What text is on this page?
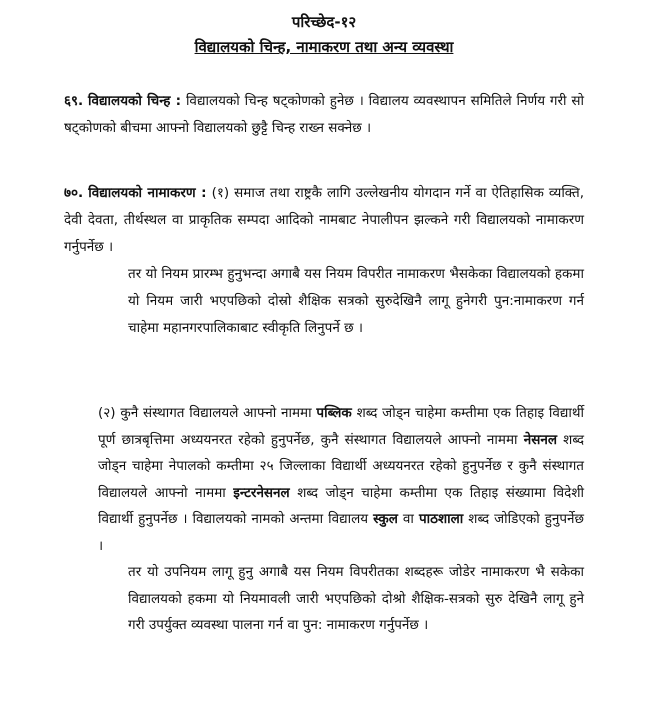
परिच्छेद-१२
विद्यालयको चिन्ह, नामाकरण तथा अन्य व्यवस्था

६९. विद्यालयको चिन्ह : विद्यालयको चिन्ह षट्कोणको हुनेछ । विद्यालय व्यवस्थापन समितिले निर्णय गरी सो षट्कोणको बीचमा आफ्नो विद्यालयको छुट्टै चिन्ह राख्न सक्नेछ ।

७०. विद्यालयको नामाकरण : (१) समाज तथा राष्ट्रकै लागि उल्लेखनीय योगदान गर्ने वा ऐतिहासिक व्यक्ति, देवी देवता, तीर्थस्थल वा प्राकृतिक सम्पदा आदिको नामबाट नेपालीपन झल्कने गरी विद्यालयको नामाकरण गर्नुपर्नेछ ।

तर यो नियम प्रारम्भ हुनुभन्दा अगाबै यस नियम विपरीत नामाकरण भैसकेका विद्यालयको हकमा यो नियम जारी भएपछिको दोस्रो शैक्षिक सत्रको सुरुदेखिनै लागू हुनेगरी पुन:नामाकरण गर्न चाहेमा महानगरपालिकाबाट स्वीकृति लिनुपर्ने छ ।

(२) कुनै संस्थागत विद्यालयले आफ्नो नाममा पब्लिक शब्द जोड्न चाहेमा कम्तीमा एक तिहाइ विद्यार्थी पूर्ण छात्रबृत्तिमा अध्ययनरत रहेको हुनुपर्नेछ, कुनै संस्थागत विद्यालयले आफ्नो नाममा नेसनल शब्द जोड्न चाहेमा नेपालको कम्तीमा २५ जिल्लाका विद्यार्थी अध्ययनरत रहेको हुनुपर्नेछ र कुनै संस्थागत विद्यालयले आफ्नो नाममा इन्टरनेसनल शब्द जोड्न चाहेमा कम्तीमा एक तिहाइ संख्यामा विदेशी विद्यार्थी हुनुपर्नेछ । विद्यालयको नामको अन्तमा विद्यालय स्कुल वा पाठशाला शब्द जोडिएको हुनुपर्नेछ ।

तर यो उपनियम लागू हुनु अगाबै यस नियम विपरीतका शब्दहरू जोडेर नामाकरण भै सकेका विद्यालयको हकमा यो नियमावली जारी भएपछिको दोश्रो शैक्षिक-सत्रको सुरु देखिनै लागू हुने गरी उपर्युक्त व्यवस्था पालना गर्न वा पुन: नामाकरण गर्नुपर्नेछ ।
